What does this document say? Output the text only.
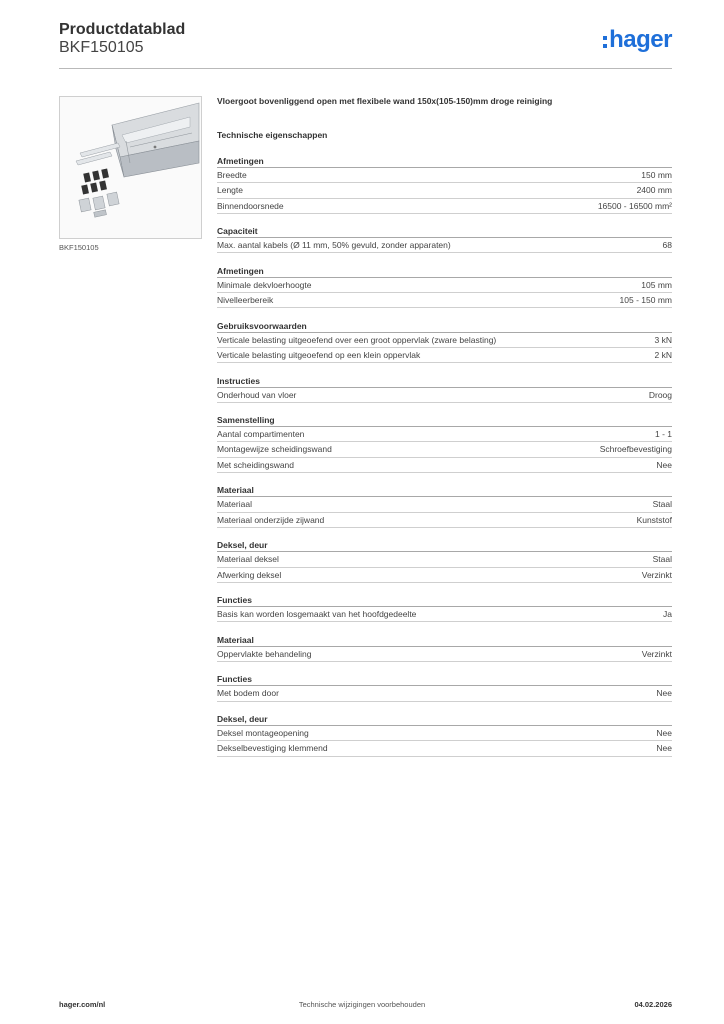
Productdatablad
BKF150105	hager
BKF150105
Vloergoot bovenliggend open met flexibele wand 150x(105-150)mm droge reiniging
Technische eigenschappen
Afmetingen
Breedte	150 mm
Lengte	2400 mm
Binnendoorsnede	16500 - 16500 mm²
Capaciteit
Max. aantal kabels (Ø 11 mm, 50% gevuld, zonder apparaten)	68
Afmetingen
Minimale dekvloerhoogte	105 mm
Nivelleerbereik	105 - 150 mm
Gebruiksvoorwaarden
Verticale belasting uitgeoefend over een groot oppervlak (zware belasting)	3 kN
Verticale belasting uitgeoefend op een klein oppervlak	2 kN
Instructies
Onderhoud van vloer	Droog
Samenstelling
Aantal compartimenten	1 - 1
Montagewijze scheidingswand	Schroefbevestiging
Met scheidingswand	Nee
Materiaal
Materiaal	Staal
Materiaal onderzijde zijwand	Kunststof
Deksel, deur
Materiaal deksel	Staal
Afwerking deksel	Verzinkt
Functies
Basis kan worden losgemaakt van het hoofdgedeelte	Ja
Materiaal
Oppervlakte behandeling	Verzinkt
Functies
Met bodem door	Nee
Deksel, deur
Deksel montageopening	Nee
Dekselbevestiging klemmend	Nee
hager.com/nl	Technische wijzigingen voorbehouden	04.02.2026
